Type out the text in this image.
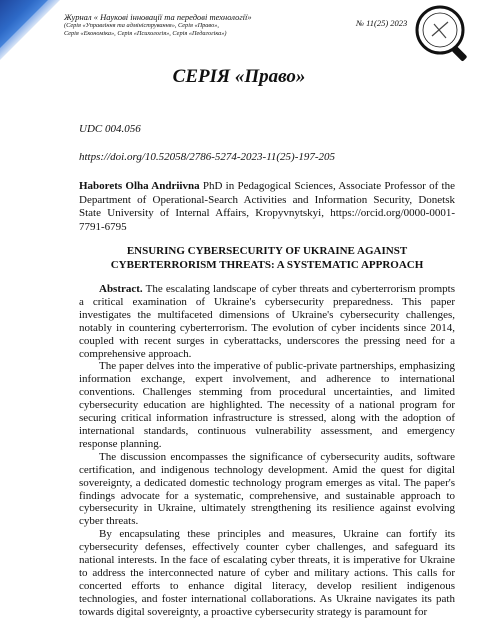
Журнал « Наукові інновації та передові технології»
(Серія «Управління та адміністрування», Серія «Право»,
Серія «Економіка», Серія «Психологія», Серія «Педагогіка»)
№ 11(25) 2023
СЕРІЯ «Право»
UDC 004.056
https://doi.org/10.52058/2786-5274-2023-11(25)-197-205
Haborets Olha Andriivna PhD in Pedagogical Sciences, Associate Professor of the Department of Operational-Search Activities and Information Security, Donetsk State University of Internal Affairs, Kropyvnytskyi, https://orcid.org/0000-0001-7791-6795
ENSURING CYBERSECURITY OF UKRAINE AGAINST
CYBERTERRORISM THREATS: A SYSTEMATIC APPROACH

Abstract. The escalating landscape of cyber threats and cyberterrorism prompts a critical examination of Ukraine's cybersecurity preparedness. This paper investigates the multifaceted dimensions of Ukraine's cybersecurity challenges, notably in countering cyberterrorism. The evolution of cyber incidents since 2014, coupled with recent surges in cyberattacks, underscores the pressing need for a comprehensive approach.

The paper delves into the imperative of public-private partnerships, emphasizing information exchange, expert involvement, and adherence to international conventions. Challenges stemming from procedural uncertainties, and limited cybersecurity education are highlighted. The necessity of a national program for securing critical information infrastructure is stressed, along with the adoption of international standards, continuous vulnerability assessment, and emergency response planning.

The discussion encompasses the significance of cybersecurity audits, software certification, and indigenous technology development. Amid the quest for digital sovereignty, a dedicated domestic technology program emerges as vital. The paper's findings advocate for a systematic, comprehensive, and sustainable approach to cybersecurity in Ukraine, ultimately strengthening its resilience against evolving cyber threats.

By encapsulating these principles and measures, Ukraine can fortify its cybersecurity defenses, effectively counter cyber challenges, and safeguard its national interests. In the face of escalating cyber threats, it is imperative for Ukraine to address the interconnected nature of cyber and military actions. This calls for concerted efforts to enhance digital literacy, develop resilient indigenous technologies, and foster international collaborations. As Ukraine navigates its path towards digital sovereignty, a proactive cybersecurity strategy is paramount for
